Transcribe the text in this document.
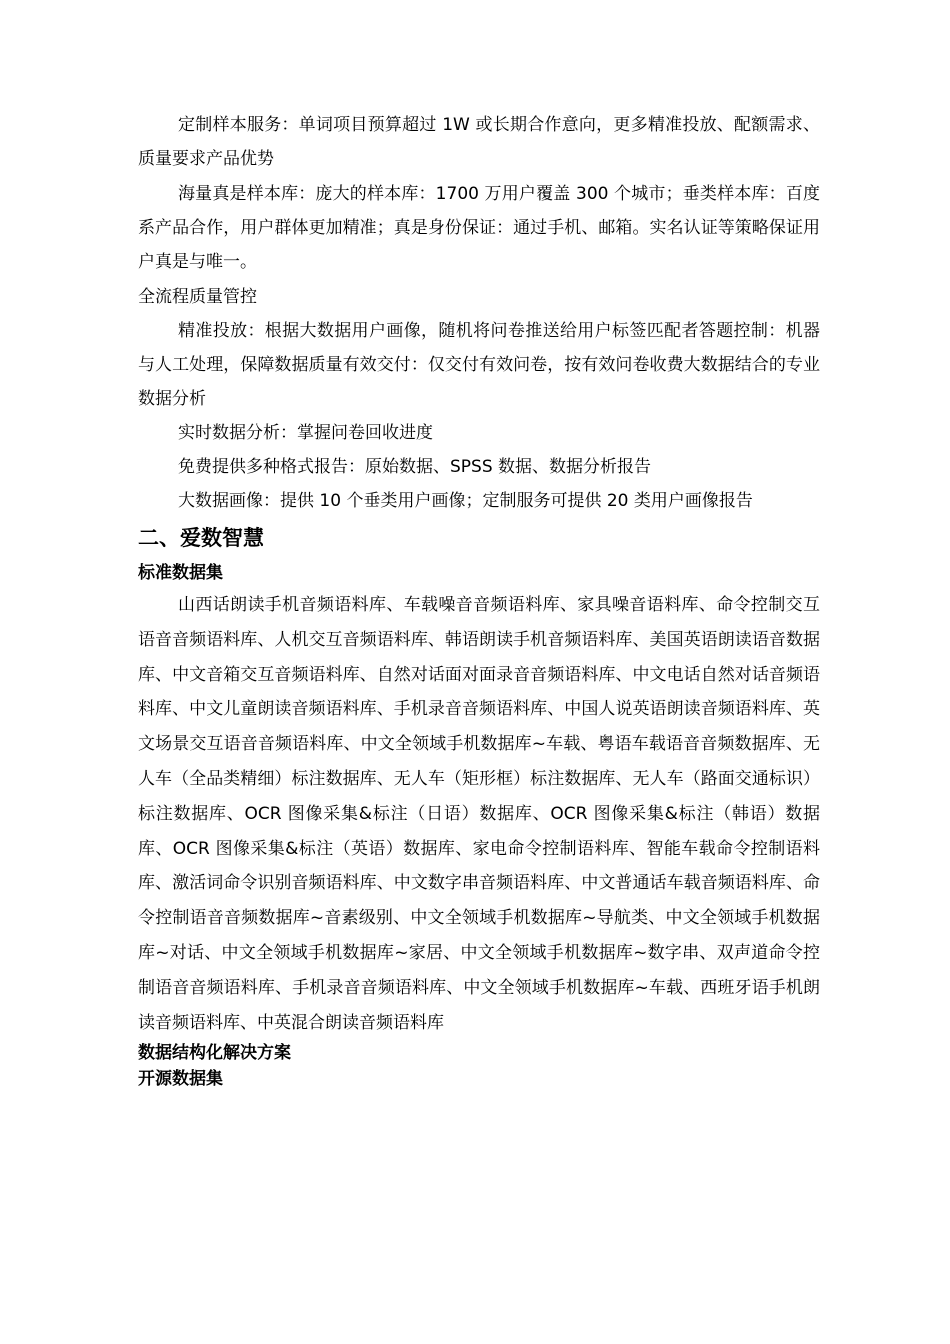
定制样本服务：单词项目预算超过 1W 或长期合作意向，更多精准投放、配额需求、质量要求产品优势

海量真是样本库：庞大的样本库：1700 万用户覆盖 300 个城市；垂类样本库：百度系产品合作，用户群体更加精准；真是身份保证：通过手机、邮箱。实名认证等策略保证用户真是与唯一。

全流程质量管控

精准投放：根据大数据用户画像，随机将问卷推送给用户标签匹配者答题控制：机器与人工处理，保障数据质量有效交付：仅交付有效问卷，按有效问卷收费大数据结合的专业数据分析

实时数据分析：掌握问卷回收进度

免费提供多种格式报告：原始数据、SPSS 数据、数据分析报告

大数据画像：提供 10 个垂类用户画像；定制服务可提供 20 类用户画像报告

二、爱数智慧
标准数据集

山西话朗读手机音频语料库、车载噪音音频语料库、家具噪音语料库、命令控制交互语音音频语料库、人机交互音频语料库、韩语朗读手机音频语料库、美国英语朗读语音数据库、中文音箱交互音频语料库、自然对话面对面录音音频语料库、中文电话自然对话音频语料库、中文儿童朗读音频语料库、手机录音音频语料库、中国人说英语朗读音频语料库、英文场景交互语音音频语料库、中文全领域手机数据库~车载、粤语车载语音音频数据库、无人车（全品类精细）标注数据库、无人车（矩形框）标注数据库、无人车（路面交通标识）标注数据库、OCR 图像采集&标注（日语）数据库、OCR 图像采集&标注（韩语）数据库、OCR 图像采集&标注（英语）数据库、家电命令控制语料库、智能车载命令控制语料库、激活词命令识别音频语料库、中文数字串音频语料库、中文普通话车载音频语料库、命令控制语音音频数据库~音素级别、中文全领域手机数据库~导航类、中文全领域手机数据库~对话、中文全领域手机数据库~家居、中文全领域手机数据库~数字串、双声道命令控制语音音频语料库、手机录音音频语料库、中文全领域手机数据库~车载、西班牙语手机朗读音频语料库、中英混合朗读音频语料库

数据结构化解决方案
开源数据集
